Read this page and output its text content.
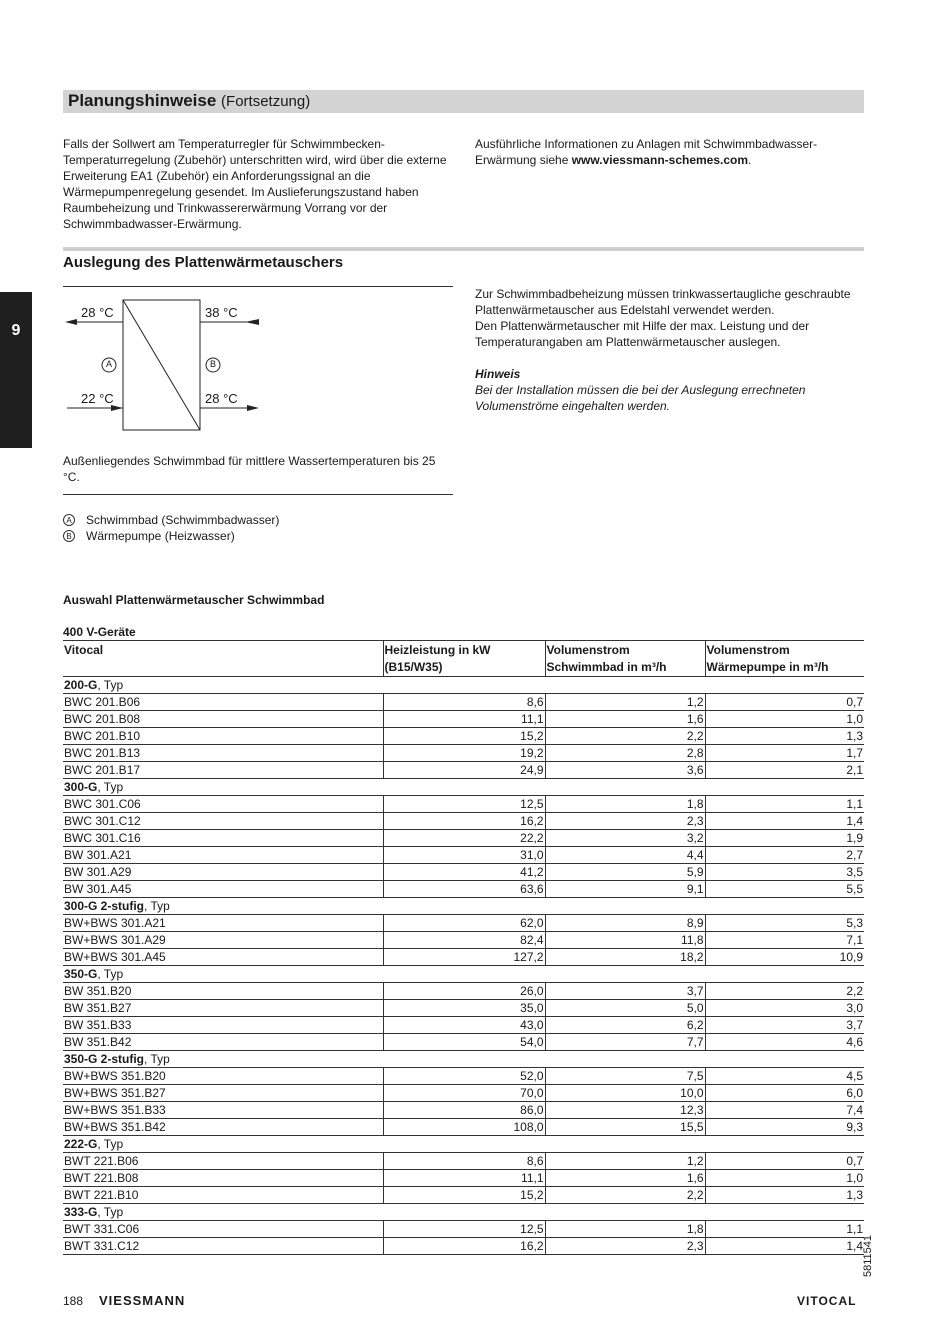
Planungshinweise (Fortsetzung)
9
Falls der Sollwert am Temperaturregler für Schwimmbecken-Temperaturregelung (Zubehör) unterschritten wird, wird über die externe Erweiterung EA1 (Zubehör) ein Anforderungssignal an die Wärmepumpenregelung gesendet. Im Auslieferungszustand haben Raumbeheizung und Trinkwassererwärmung Vorrang vor der Schwimmbadwasser-Erwärmung.
Ausführliche Informationen zu Anlagen mit Schwimmbadwasser-Erwärmung siehe www.viessmann-schemes.com.
Auslegung des Plattenwärmetauschers
28 °C	38 °C
22 °C	28 °C
A	B
Außenliegendes Schwimmbad für mittlere Wassertemperaturen bis 25 °C.
A Schwimmbad (Schwimmbadwasser)
B Wärmepumpe (Heizwasser)
Zur Schwimmbadbeheizung müssen trinkwassertaugliche geschraubte Plattenwärmetauscher aus Edelstahl verwendet werden.
Den Plattenwärmetauscher mit Hilfe der max. Leistung und der Temperaturangaben am Plattenwärmetauscher auslegen.
Hinweis
Bei der Installation müssen die bei der Auslegung errechneten Volumenströme eingehalten werden.
Auswahl Plattenwärmetauscher Schwimmbad
400 V-Geräte
Vitocal	Heizleistung in kW (B15/W35)	Volumenstrom Schwimmbad in m³/h	Volumenstrom Wärmepumpe in m³/h
200-G, Typ			
BWC 201.B06	8,6	1,2	0,7
BWC 201.B08	11,1	1,6	1,0
BWC 201.B10	15,2	2,2	1,3
BWC 201.B13	19,2	2,8	1,7
BWC 201.B17	24,9	3,6	2,1
300-G, Typ			
BWC 301.C06	12,5	1,8	1,1
BWC 301.C12	16,2	2,3	1,4
BWC 301.C16	22,2	3,2	1,9
BW 301.A21	31,0	4,4	2,7
BW 301.A29	41,2	5,9	3,5
BW 301.A45	63,6	9,1	5,5
300-G 2-stufig, Typ			
BW+BWS 301.A21	62,0	8,9	5,3
BW+BWS 301.A29	82,4	11,8	7,1
BW+BWS 301.A45	127,2	18,2	10,9
350-G, Typ			
BW 351.B20	26,0	3,7	2,2
BW 351.B27	35,0	5,0	3,0
BW 351.B33	43,0	6,2	3,7
BW 351.B42	54,0	7,7	4,6
350-G 2-stufig, Typ			
BW+BWS 351.B20	52,0	7,5	4,5
BW+BWS 351.B27	70,0	10,0	6,0
BW+BWS 351.B33	86,0	12,3	7,4
BW+BWS 351.B42	108,0	15,5	9,3
222-G, Typ			
BWT 221.B06	8,6	1,2	0,7
BWT 221.B08	11,1	1,6	1,0
BWT 221.B10	15,2	2,2	1,3
333-G, Typ			
BWT 331.C06	12,5	1,8	1,1
BWT 331.C12	16,2	2,3	1,4
188 VIESSMANN	VITOCAL
5811541
